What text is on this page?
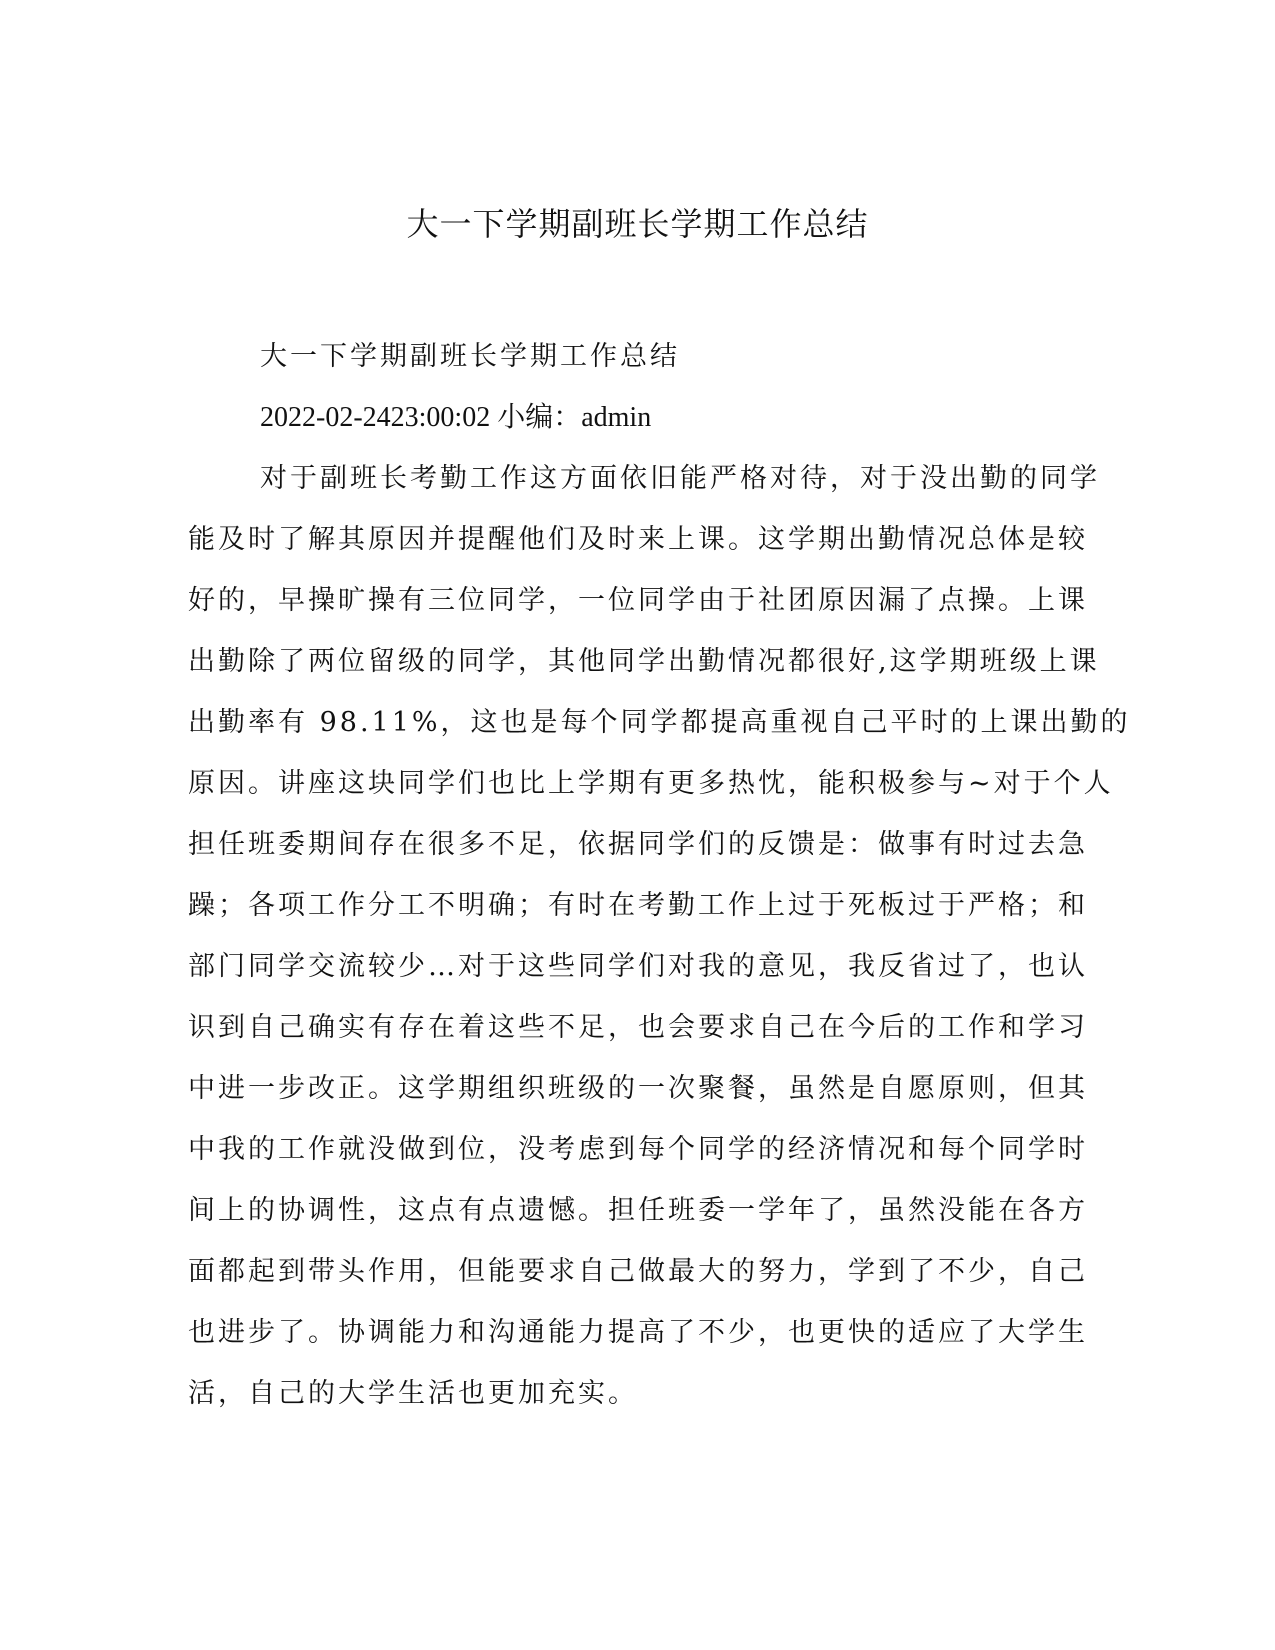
大一下学期副班长学期工作总结
大一下学期副班长学期工作总结
2022-02-2423:00:02 小编：admin
对于副班长考勤工作这方面依旧能严格对待，对于没出勤的同学
能及时了解其原因并提醒他们及时来上课。这学期出勤情况总体是较
好的，早操旷操有三位同学，一位同学由于社团原因漏了点操。上课
出勤除了两位留级的同学，其他同学出勤情况都很好,这学期班级上课
出勤率有 98.11%，这也是每个同学都提高重视自己平时的上课出勤的
原因。讲座这块同学们也比上学期有更多热忱，能积极参与~对于个人
担任班委期间存在很多不足，依据同学们的反馈是：做事有时过去急
躁；各项工作分工不明确；有时在考勤工作上过于死板过于严格；和
部门同学交流较少…对于这些同学们对我的意见，我反省过了，也认
识到自己确实有存在着这些不足，也会要求自己在今后的工作和学习
中进一步改正。这学期组织班级的一次聚餐，虽然是自愿原则，但其
中我的工作就没做到位，没考虑到每个同学的经济情况和每个同学时
间上的协调性，这点有点遗憾。担任班委一学年了，虽然没能在各方
面都起到带头作用，但能要求自己做最大的努力，学到了不少，自己
也进步了。协调能力和沟通能力提高了不少，也更快的适应了大学生
活，自己的大学生活也更加充实。
